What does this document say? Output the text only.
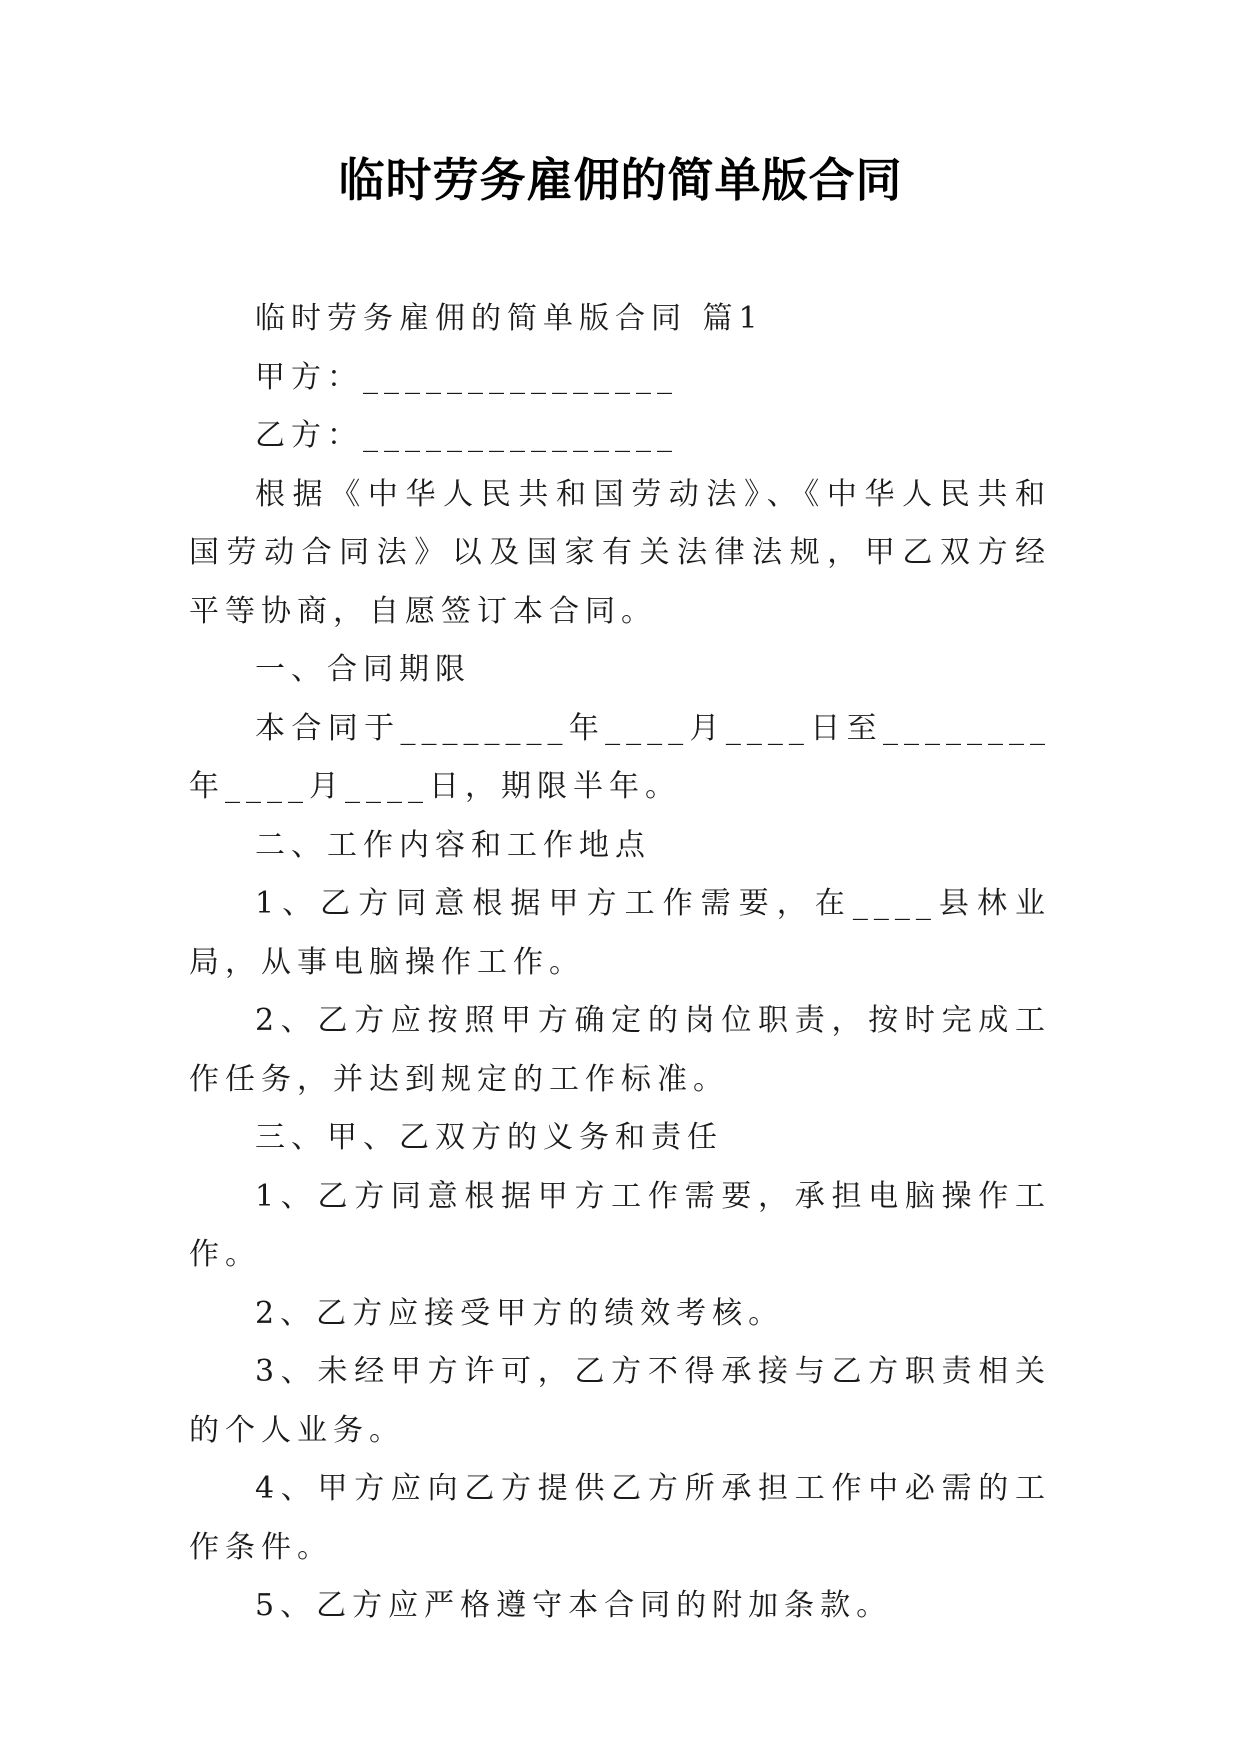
临时劳务雇佣的简单版合同

临时劳务雇佣的简单版合同 篇1

甲方：_______________

乙方：_______________

根据《中华人民共和国劳动法》、《中华人民共和国劳动合同法》以及国家有关法律法规，甲乙双方经平等协商，自愿签订本合同。

一、合同期限

本合同于________年____月____日至________年____月____日，期限半年。

二、工作内容和工作地点

1、乙方同意根据甲方工作需要，在____县林业局，从事电脑操作工作。

2、乙方应按照甲方确定的岗位职责，按时完成工作任务，并达到规定的工作标准。

三、甲、乙双方的义务和责任

1、乙方同意根据甲方工作需要，承担电脑操作工作。

2、乙方应接受甲方的绩效考核。

3、未经甲方许可，乙方不得承接与乙方职责相关的个人业务。

4、甲方应向乙方提供乙方所承担工作中必需的工作条件。

5、乙方应严格遵守本合同的附加条款。
